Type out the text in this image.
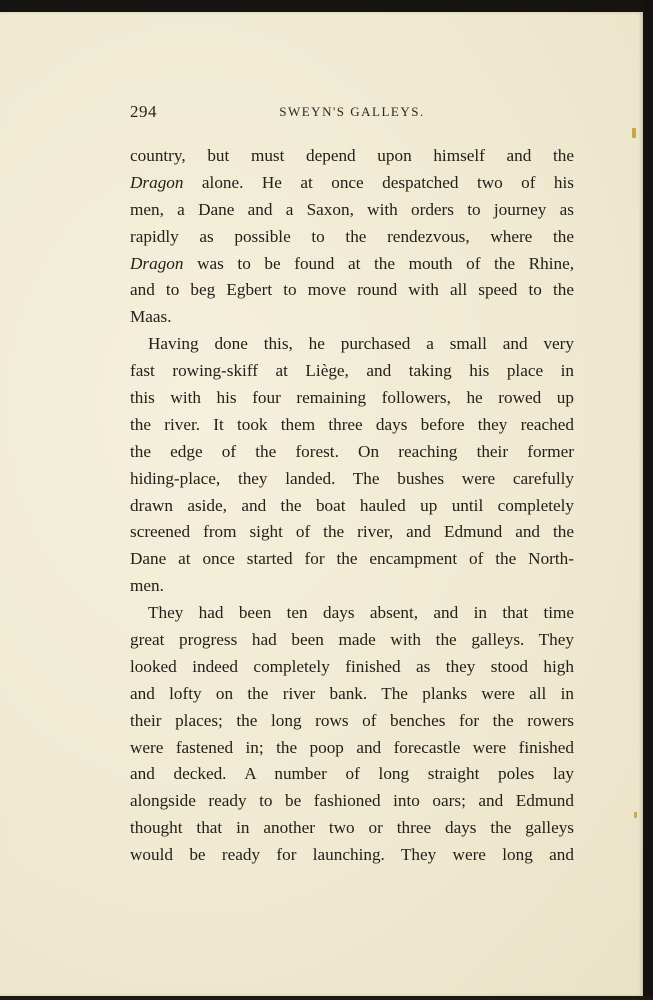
294	SWEYN'S GALLEYS.
country, but must depend upon himself and the
Dragon alone. He at once despatched two of his
men, a Dane and a Saxon, with orders to journey as
rapidly as possible to the rendezvous, where the
Dragon was to be found at the mouth of the Rhine,
and to beg Egbert to move round with all speed to the
Maas.
Having done this, he purchased a small and very
fast rowing-skiff at Liège, and taking his place in
this with his four remaining followers, he rowed up
the river. It took them three days before they reached
the edge of the forest. On reaching their former
hiding-place, they landed. The bushes were carefully
drawn aside, and the boat hauled up until completely
screened from sight of the river, and Edmund and the
Dane at once started for the encampment of the North-
men.
They had been ten days absent, and in that time
great progress had been made with the galleys. They
looked indeed completely finished as they stood high
and lofty on the river bank. The planks were all in
their places; the long rows of benches for the rowers
were fastened in; the poop and forecastle were finished
and decked. A number of long straight poles lay
alongside ready to be fashioned into oars; and Edmund
thought that in another two or three days the galleys
would be ready for launching. They were long and
